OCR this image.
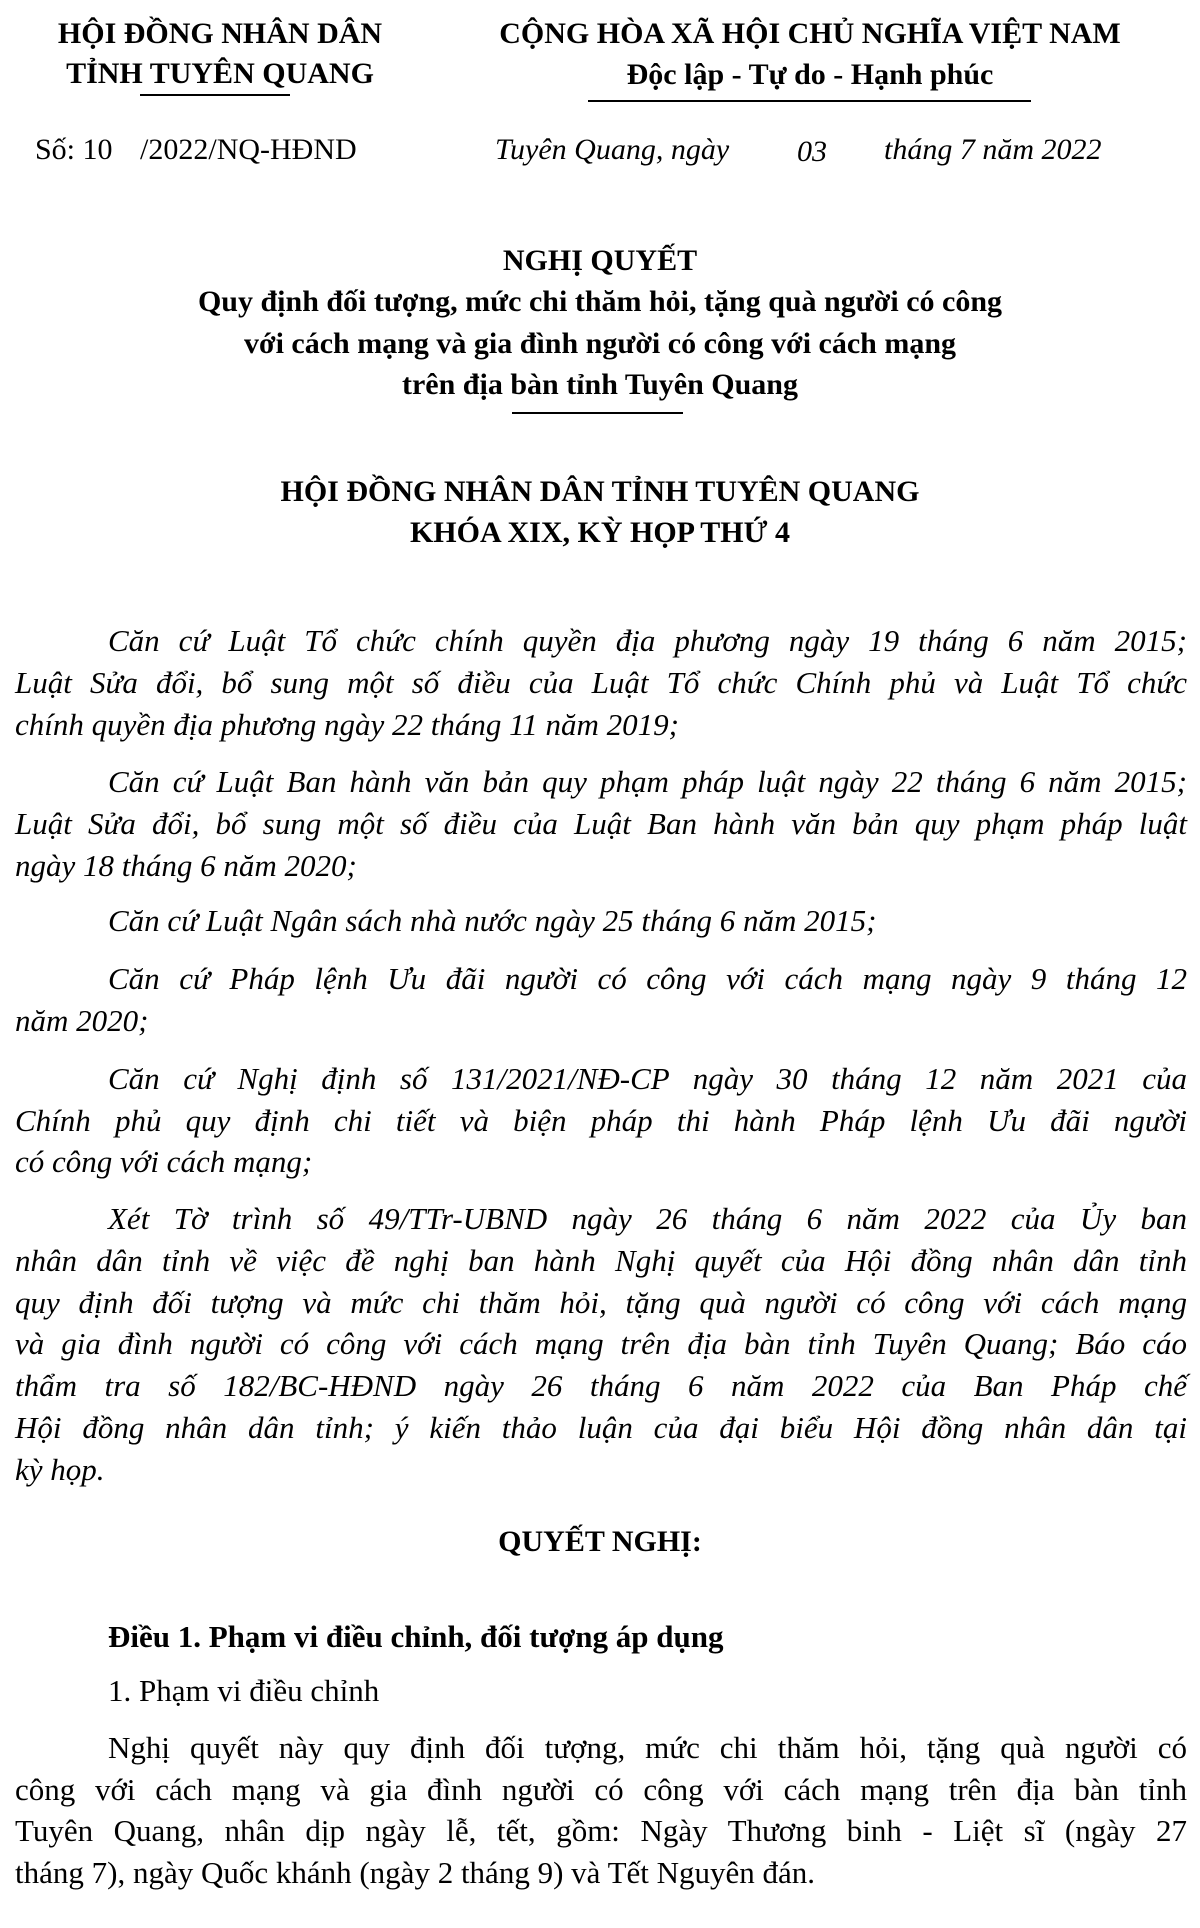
HỘI ĐỒNG NHÂN DÂN
TỈNH TUYÊN QUANG
CỘNG HÒA XÃ HỘI CHỦ NGHĨA VIỆT NAM
Độc lập - Tự do - Hạnh phúc
Số: 10 /2022/NQ-HĐND	Tuyên Quang, ngày 03 tháng 7 năm 2022
NGHỊ QUYẾT
Quy định đối tượng, mức chi thăm hỏi, tặng quà người có công
với cách mạng và gia đình người có công với cách mạng
trên địa bàn tỉnh Tuyên Quang
HỘI ĐỒNG NHÂN DÂN TỈNH TUYÊN QUANG
KHÓA XIX, KỲ HỌP THỨ 4
Căn cứ Luật Tổ chức chính quyền địa phương ngày 19 tháng 6 năm 2015;
Luật Sửa đổi, bổ sung một số điều của Luật Tổ chức Chính phủ và Luật Tổ chức
chính quyền địa phương ngày 22 tháng 11 năm 2019;
Căn cứ Luật Ban hành văn bản quy phạm pháp luật ngày 22 tháng 6 năm 2015;
Luật Sửa đổi, bổ sung một số điều của Luật Ban hành văn bản quy phạm pháp luật
ngày 18 tháng 6 năm 2020;
Căn cứ Luật Ngân sách nhà nước ngày 25 tháng 6 năm 2015;
Căn cứ Pháp lệnh Ưu đãi người có công với cách mạng ngày 9 tháng 12
năm 2020;
Căn cứ Nghị định số 131/2021/NĐ-CP ngày 30 tháng 12 năm 2021 của
Chính phủ quy định chi tiết và biện pháp thi hành Pháp lệnh Ưu đãi người
có công với cách mạng;
Xét Tờ trình số 49/TTr-UBND ngày 26 tháng 6 năm 2022 của Ủy ban
nhân dân tỉnh về việc đề nghị ban hành Nghị quyết của Hội đồng nhân dân tỉnh
quy định đối tượng và mức chi thăm hỏi, tặng quà người có công với cách mạng
và gia đình người có công với cách mạng trên địa bàn tỉnh Tuyên Quang; Báo cáo
thẩm tra số 182/BC-HĐND ngày 26 tháng 6 năm 2022 của Ban Pháp chế
Hội đồng nhân dân tỉnh; ý kiến thảo luận của đại biểu Hội đồng nhân dân tại
kỳ họp.
QUYẾT NGHỊ:
Điều 1. Phạm vi điều chỉnh, đối tượng áp dụng
1. Phạm vi điều chỉnh
Nghị quyết này quy định đối tượng, mức chi thăm hỏi, tặng quà người có
công với cách mạng và gia đình người có công với cách mạng trên địa bàn tỉnh
Tuyên Quang, nhân dịp ngày lễ, tết, gồm: Ngày Thương binh - Liệt sĩ (ngày 27
tháng 7), ngày Quốc khánh (ngày 2 tháng 9) và Tết Nguyên đán.
